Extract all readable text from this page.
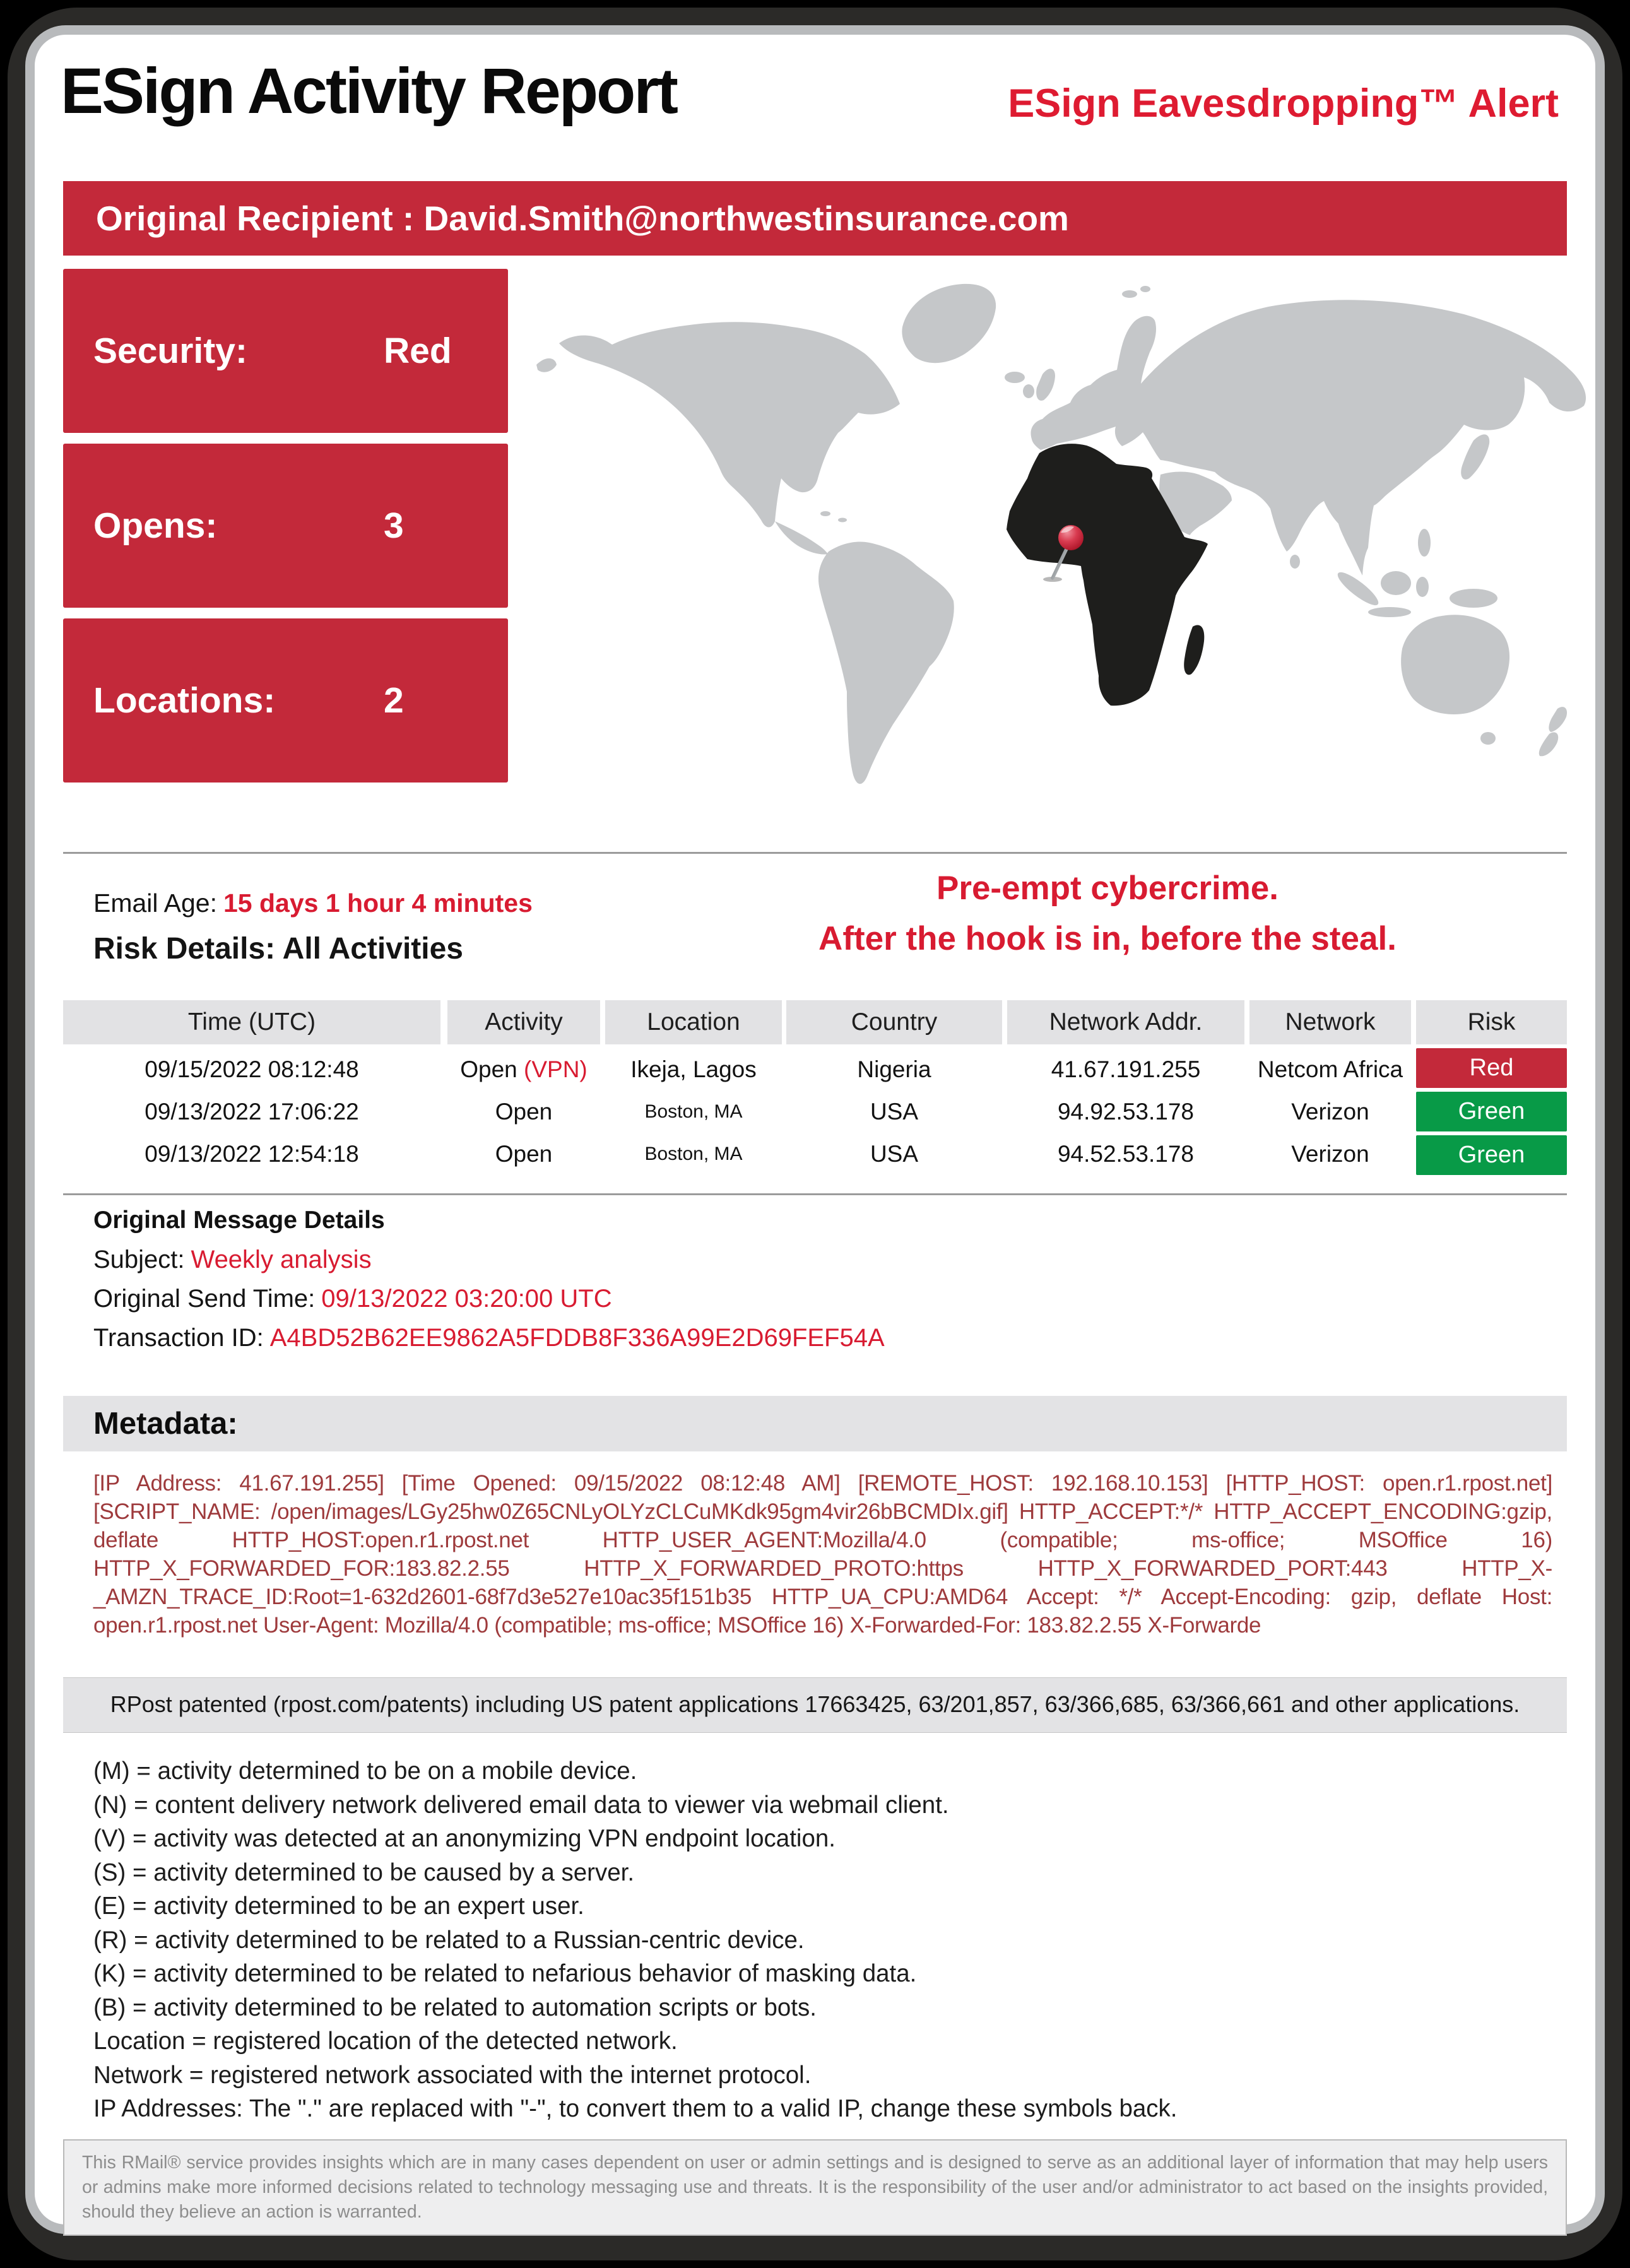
ESign Activity Report	ESign Eavesdropping™ Alert
Original Recipient : David.Smith@northwestinsurance.com
Security:	Red
Opens:	3
Locations:	2
Email Age: 15 days 1 hour 4 minutes
Risk Details: All Activities
Pre-empt cybercrime.
After the hook is in, before the steal.
Time (UTC)	Activity	Location	Country	Network Addr.	Network	Risk
09/15/2022 08:12:48	Open (VPN)	Ikeja, Lagos	Nigeria	41.67.191.255	Netcom Africa	Red
09/13/2022 17:06:22	Open	Boston, MA	USA	94.92.53.178	Verizon	Green
09/13/2022 12:54:18	Open	Boston, MA	USA	94.52.53.178	Verizon	Green
Original Message Details
Subject: Weekly analysis
Original Send Time: 09/13/2022 03:20:00 UTC
Transaction ID: A4BD52B62EE9862A5FDDB8F336A99E2D69FEF54A
Metadata:
[IP Address: 41.67.191.255] [Time Opened: 09/15/2022 08:12:48 AM] [REMOTE_HOST: 192.168.10.153] [HTTP_HOST: open.r1.rpost.net] [SCRIPT_NAME: /open/images/LGy25hw0Z65CNLyOLYzCLCuMKdk95gm4vir26bBCMDIx.gif] HTTP_ACCEPT:*/* HTTP_ACCEPT_ENCODING:gzip, deflate HTTP_HOST:open.r1.rpost.net HTTP_USER_AGENT:Mozilla/4.0 (compatible; ms-office; MSOffice 16) HTTP_X_FORWARDED_FOR:183.82.2.55 HTTP_X_FORWARDED_PROTO:https HTTP_X_FORWARDED_PORT:443 HTTP_X-_AMZN_TRACE_ID:Root=1-632d2601-68f7d3e527e10ac35f151b35 HTTP_UA_CPU:AMD64 Accept: */* Accept-Encoding: gzip, deflate Host: open.r1.rpost.net User-Agent: Mozilla/4.0 (compatible; ms-office; MSOffice 16) X-Forwarded-For: 183.82.2.55 X-Forwarde
RPost patented (rpost.com/patents) including US patent applications 17663425, 63/201,857, 63/366,685, 63/366,661 and other applications.
(M) = activity determined to be on a mobile device.
(N) = content delivery network delivered email data to viewer via webmail client.
(V) = activity was detected at an anonymizing VPN endpoint location.
(S) = activity determined to be caused by a server.
(E) = activity determined to be an expert user.
(R) = activity determined to be related to a Russian-centric device.
(K) = activity determined to be related to nefarious behavior of masking data.
(B) = activity determined to be related to automation scripts or bots.
Location = registered location of the detected network.
Network = registered network associated with the internet protocol.
IP Addresses: The "." are replaced with "-", to convert them to a valid IP, change these symbols back.
This RMail® service provides insights which are in many cases dependent on user or admin settings and is designed to serve as an additional layer of information that may help users or admins make more informed decisions related to technology messaging use and threats. It is the responsibility of the user and/or administrator to act based on the insights provided, should they believe an action is warranted.
